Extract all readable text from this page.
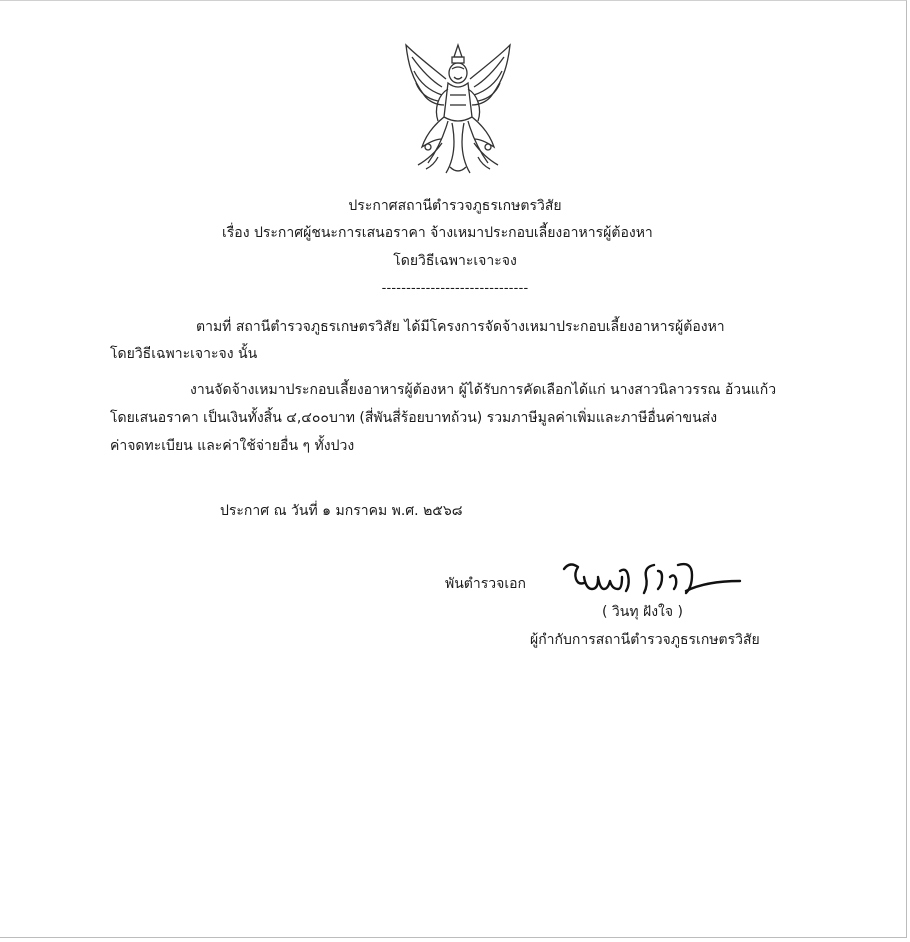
ประกาศสถานีตำรวจภูธรเกษตรวิสัย
เรื่อง ประกาศผู้ชนะการเสนอราคา จ้างเหมาประกอบเลี้ยงอาหารผู้ต้องหา
โดยวิธีเฉพาะเจาะจง
------------------------------
ตามที่ สถานีตำรวจภูธรเกษตรวิสัย ได้มีโครงการจัดจ้างเหมาประกอบเลี้ยงอาหารผู้ต้องหา
โดยวิธีเฉพาะเจาะจง นั้น
งานจัดจ้างเหมาประกอบเลี้ยงอาหารผู้ต้องหา ผู้ได้รับการคัดเลือกได้แก่ นางสาวนิลาวรรณ อ้วนแก้ว
โดยเสนอราคา เป็นเงินทั้งสิ้น ๔,๔๐๐บาท (สี่พันสี่ร้อยบาทถ้วน) รวมภาษีมูลค่าเพิ่มและภาษีอื่นค่าขนส่ง
ค่าจดทะเบียน และค่าใช้จ่ายอื่น ๆ ทั้งปวง
ประกาศ ณ วันที่ ๑ มกราคม พ.ศ. ๒๕๖๘
พันตำรวจเอก
( วินทุ ฝังใจ )
ผู้กำกับการสถานีตำรวจภูธรเกษตรวิสัย
